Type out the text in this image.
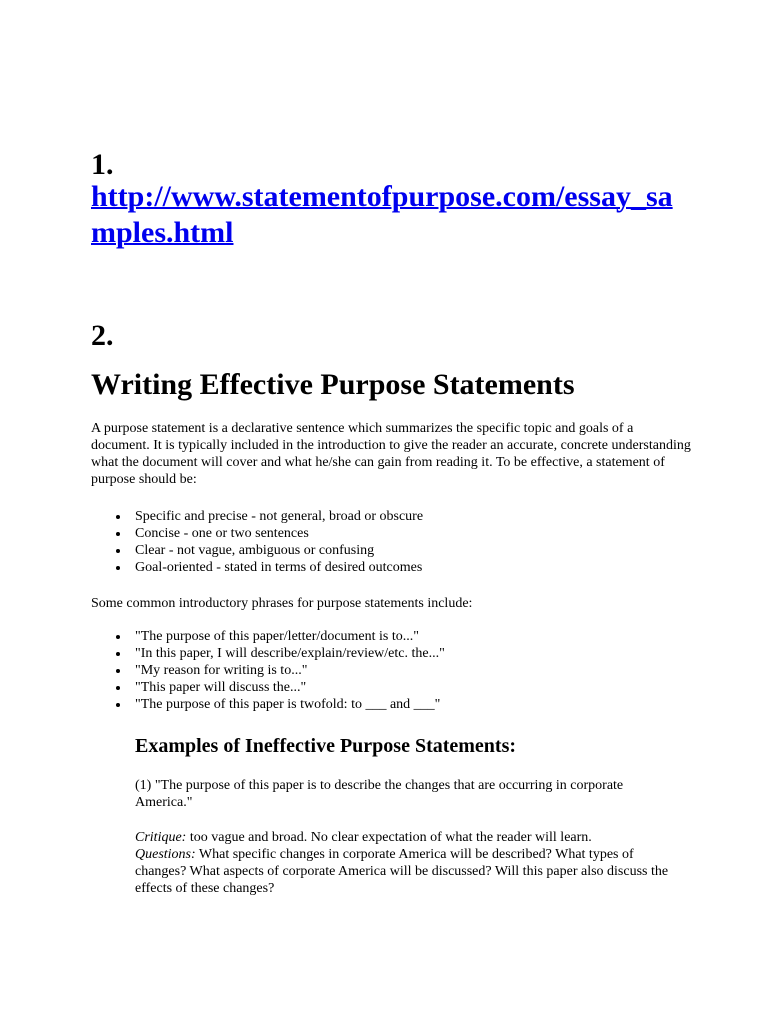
1.
http://www.statementofpurpose.com/essay_samples.html
2.
Writing Effective Purpose Statements

A purpose statement is a declarative sentence which summarizes the specific topic and goals of a document. It is typically included in the introduction to give the reader an accurate, concrete understanding what the document will cover and what he/she can gain from reading it. To be effective, a statement of purpose should be:

Specific and precise - not general, broad or obscure
Concise - one or two sentences
Clear - not vague, ambiguous or confusing
Goal-oriented - stated in terms of desired outcomes

Some common introductory phrases for purpose statements include:

"The purpose of this paper/letter/document is to..."
"In this paper, I will describe/explain/review/etc. the..."
"My reason for writing is to..."
"This paper will discuss the..."
"The purpose of this paper is twofold: to ___ and ___"
Examples of Ineffective Purpose Statements:

(1) "The purpose of this paper is to describe the changes that are occurring in corporate America."

Critique: too vague and broad. No clear expectation of what the reader will learn.
Questions: What specific changes in corporate America will be described? What types of changes? What aspects of corporate America will be discussed? Will this paper also discuss the effects of these changes?
